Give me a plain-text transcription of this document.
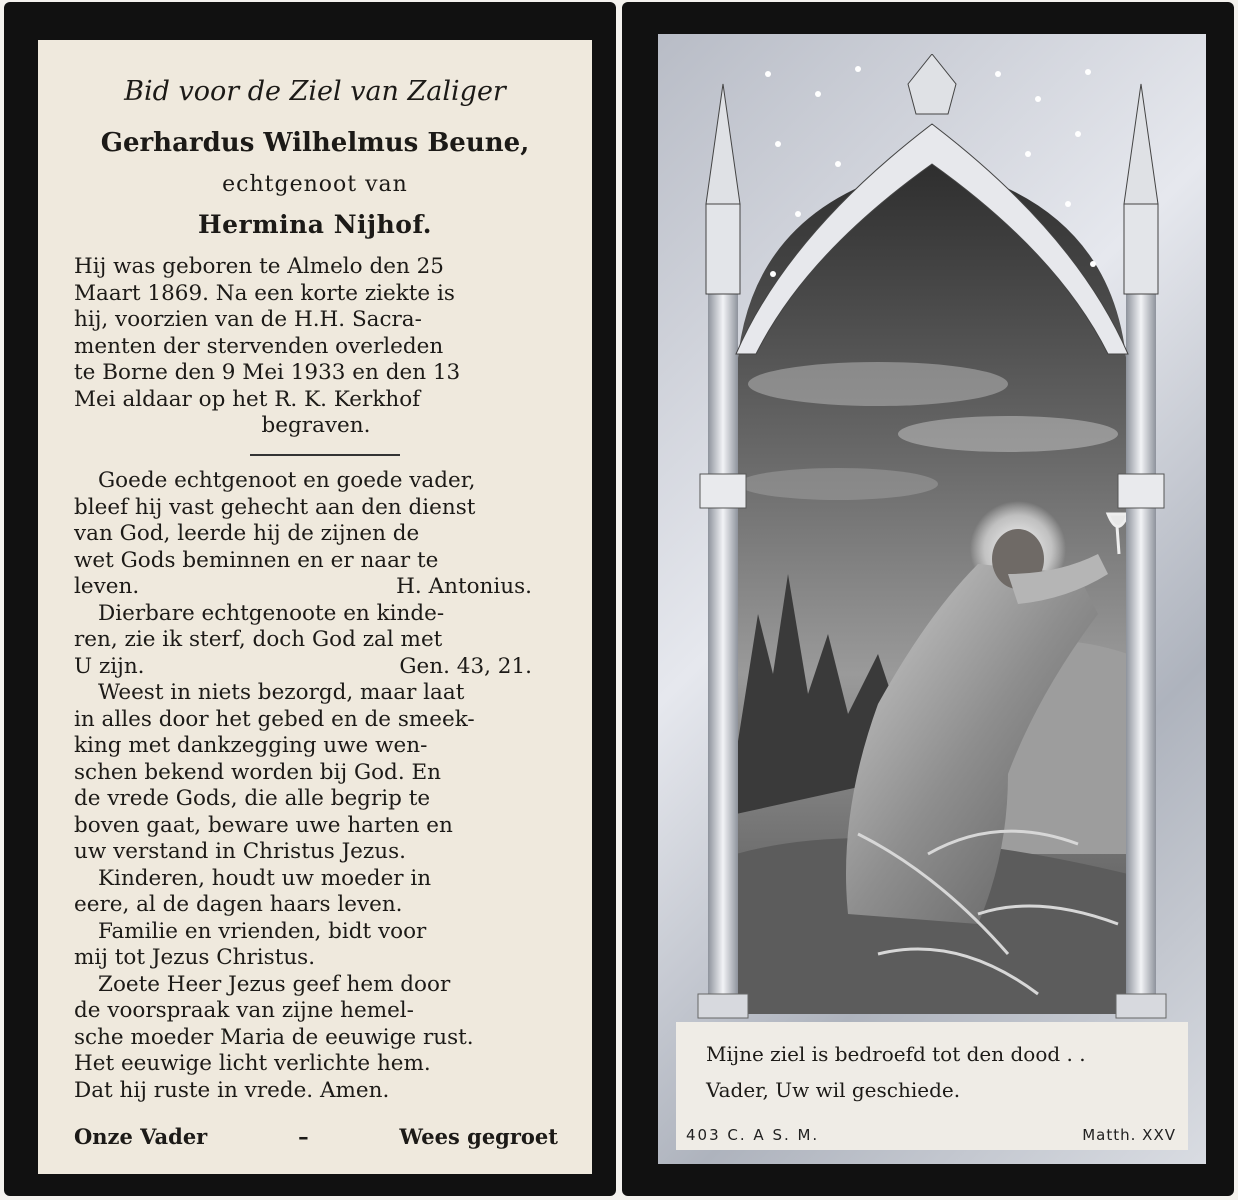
Bid voor de Ziel van Zaliger
Gerhardus Wilhelmus Beune,
echtgenoot van
Hermina Nijhof.
Hij was geboren te Almelo den 25
Maart 1869. Na een korte ziekte is
hij, voorzien van de H.H. Sacra-
menten der stervenden overleden
te Borne den 9 Mei 1933 en den 13
Mei aldaar op het R. K. Kerkhof
begraven.
Goede echtgenoot en goede vader,
bleef hij vast gehecht aan den dienst
van God, leerde hij de zijnen de
wet Gods beminnen en er naar te
leven.	H. Antonius.
Dierbare echtgenoote en kinde-
ren, zie ik sterf, doch God zal met
U zijn.	Gen. 43, 21.
Weest in niets bezorgd, maar laat
in alles door het gebed en de smeek-
king met dankzegging uwe wen-
schen bekend worden bij God. En
de vrede Gods, die alle begrip te
boven gaat, beware uwe harten en
uw verstand in Christus Jezus.
Kinderen, houdt uw moeder in
eere, al de dagen haars leven.
Familie en vrienden, bidt voor
mij tot Jezus Christus.
Zoete Heer Jezus geef hem door
de voorspraak van zijne hemel-
sche moeder Maria de eeuwige rust.
Het eeuwige licht verlichte hem.
Dat hij ruste in vrede. Amen.
Onze Vader	–	Wees gegroet
Mijne ziel is bedroefd tot den dood . .
Vader, Uw wil geschiede.
403 C. A S. M.	Matth. XXV
